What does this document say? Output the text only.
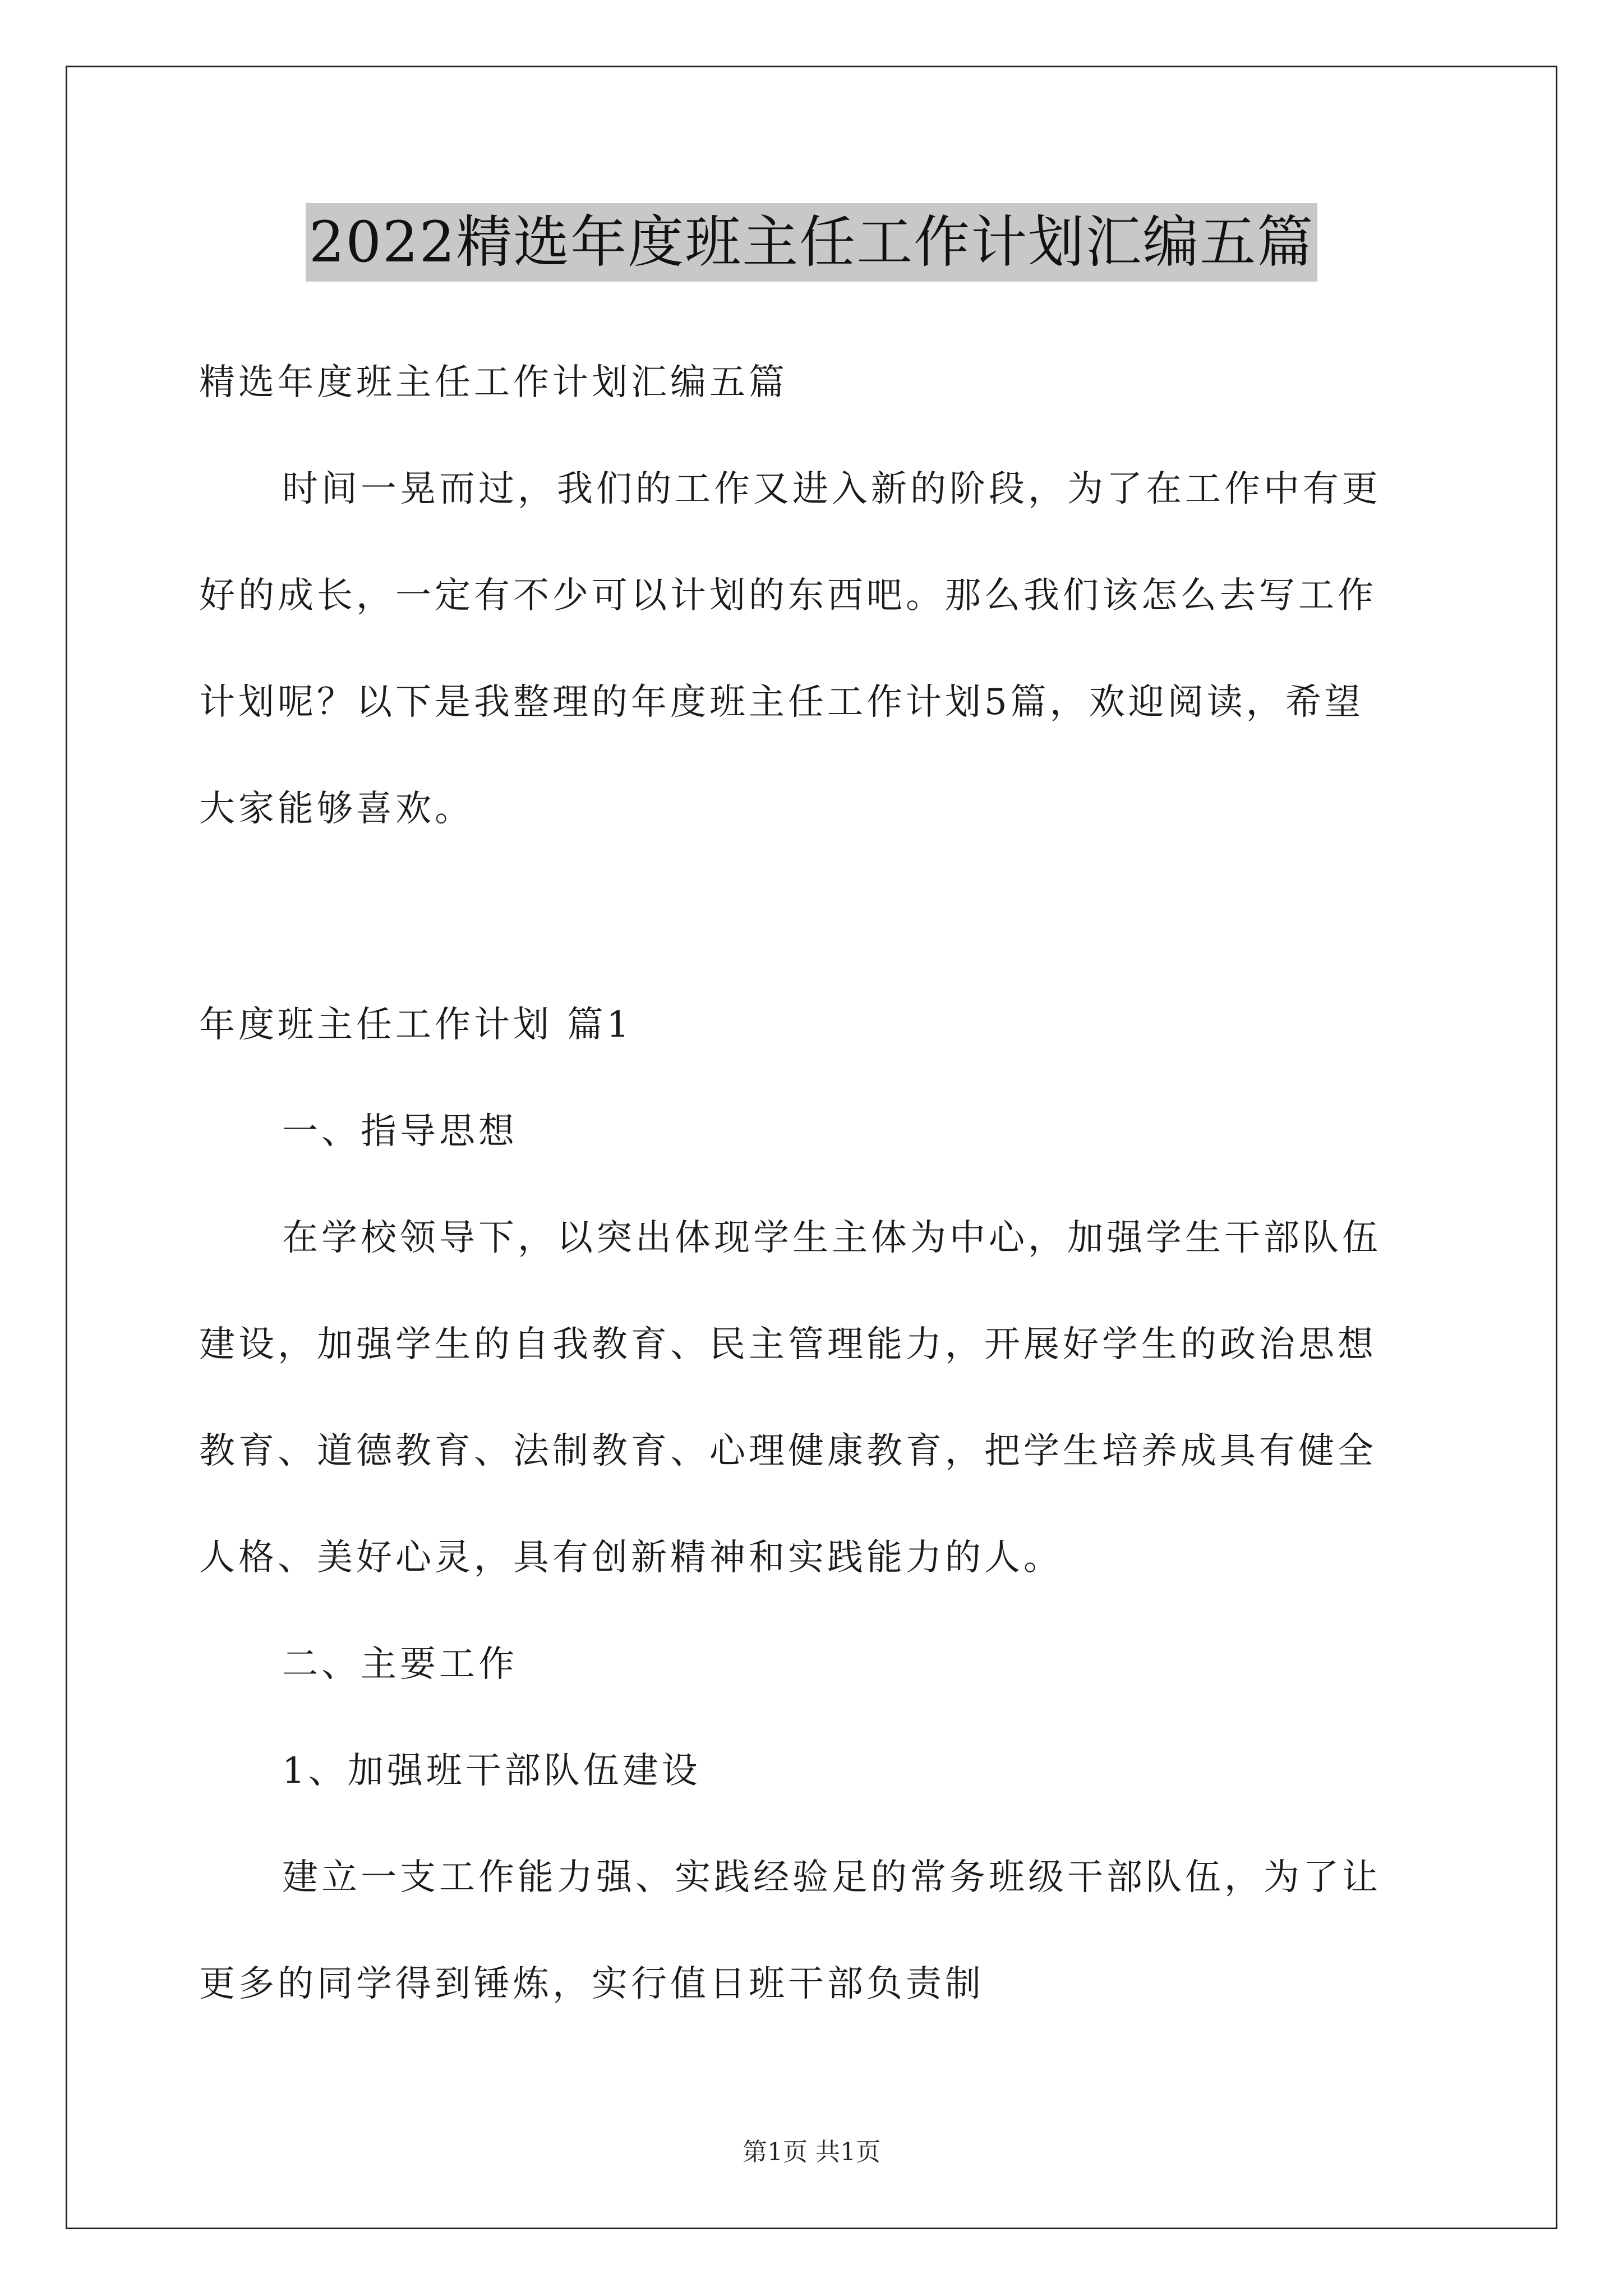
2022精选年度班主任工作计划汇编五篇
精选年度班主任工作计划汇编五篇
时间一晃而过，我们的工作又进入新的阶段，为了在工作中有更
好的成长，一定有不少可以计划的东西吧。那么我们该怎么去写工作
计划呢？以下是我整理的年度班主任工作计划5篇，欢迎阅读，希望
大家能够喜欢。
年度班主任工作计划 篇1
一、指导思想
在学校领导下，以突出体现学生主体为中心，加强学生干部队伍
建设，加强学生的自我教育、民主管理能力，开展好学生的政治思想
教育、道德教育、法制教育、心理健康教育，把学生培养成具有健全
人格、美好心灵，具有创新精神和实践能力的人。
二、主要工作
1、加强班干部队伍建设
建立一支工作能力强、实践经验足的常务班级干部队伍，为了让
更多的同学得到锤炼，实行值日班干部负责制
第1页 共1页
